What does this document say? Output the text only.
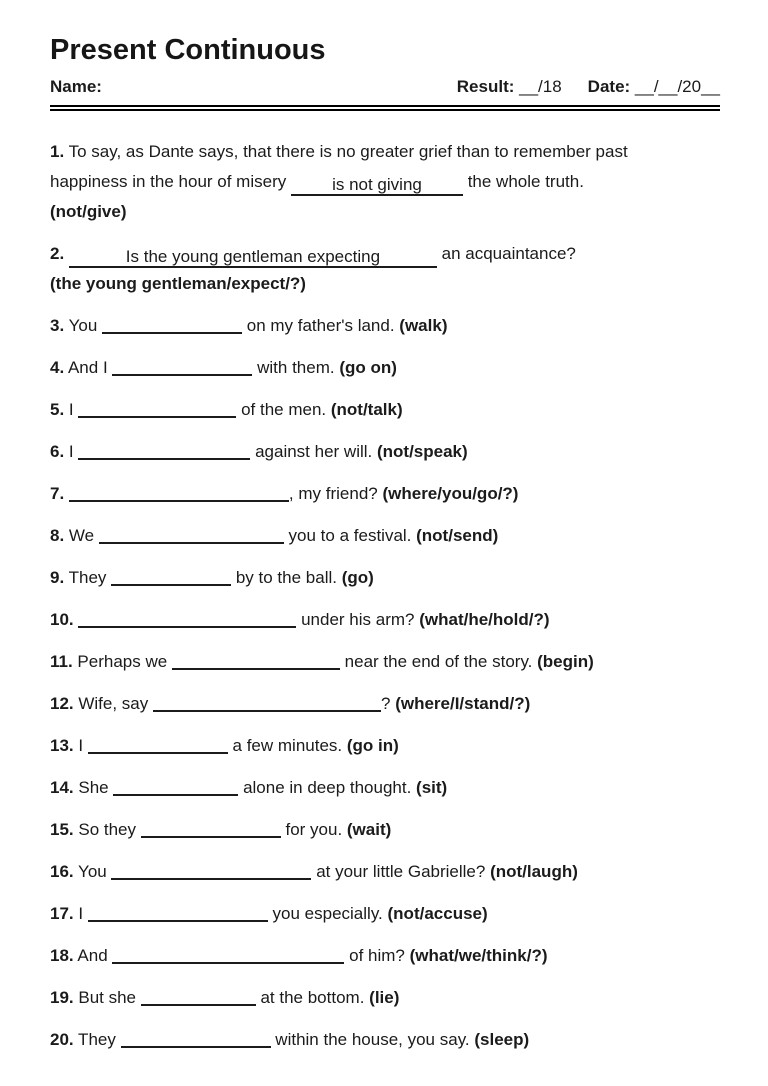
Present Continuous
Name:	Result: __/18 Date: __/__/20__

1. To say, as Dante says, that there is no greater grief than to remember past
happiness in the hour of misery is not giving the whole truth.
(not/give)

2.	Is the young gentleman expecting	an acquaintance?
(the young gentleman/expect/?)

3. You	on my father's land. (walk)

4. And I	with them. (go on)

5. I	of the men. (not/talk)

6. I	against her will. (not/speak)

7.	, my friend? (where/you/go/?)

8. We	you to a festival. (not/send)

9. They	by to the ball. (go)

10.	under his arm? (what/he/hold/?)

11. Perhaps we	near the end of the story. (begin)

12. Wife, say	? (where/I/stand/?)

13. I	a few minutes. (go in)

14. She	alone in deep thought. (sit)

15. So they	for you. (wait)

16. You	at your little Gabrielle? (not/laugh)

17. I	you especially. (not/accuse)

18. And	of him? (what/we/think/?)

19. But she	at the bottom. (lie)

20. They	within the house, you say. (sleep)
